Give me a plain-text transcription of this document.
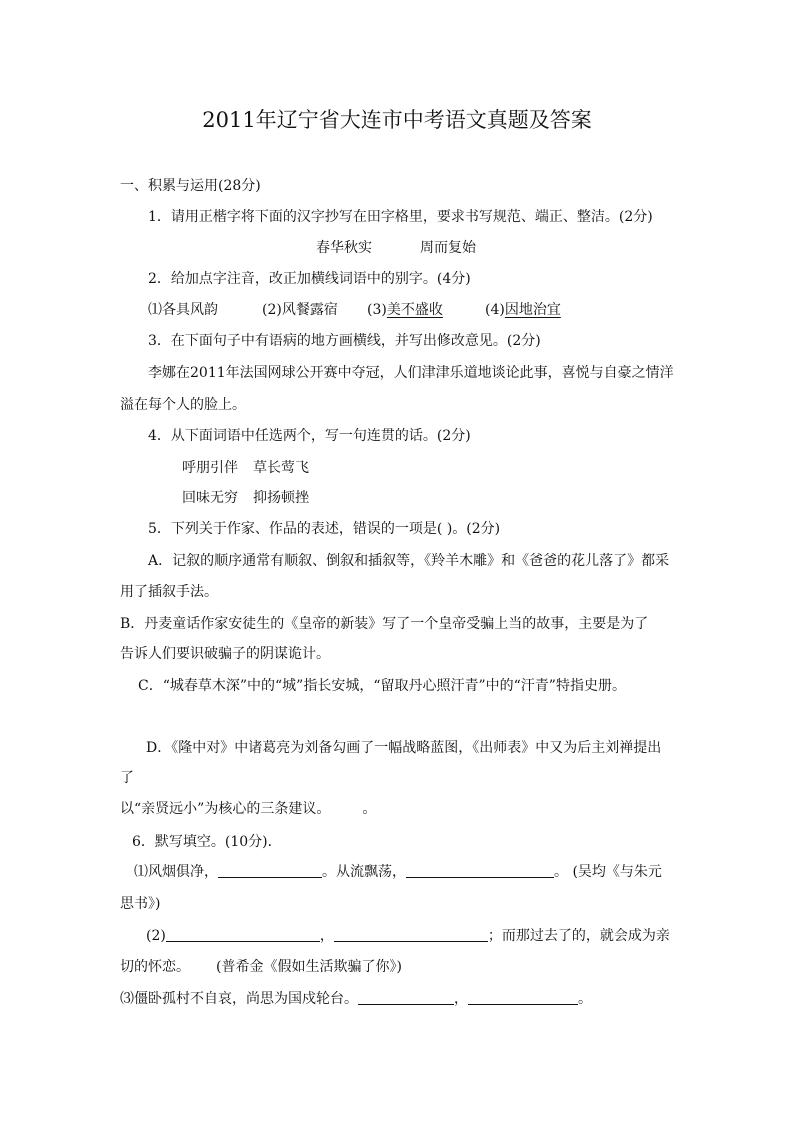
2011年辽宁省大连市中考语文真题及答案
一、积累与运用(28分)
1．请用正楷字将下面的汉字抄写在田字格里，要求书写规范、端正、整洁。(2分)
春华秋实	周而复始
2．给加点字注音，改正加横线词语中的别字。(4分)
⑴各具风韵	(2)风餐露宿 (3)美不盛收	(4)因地治宜
3．在下面句子中有语病的地方画横线，并写出修改意见。(2分)
李娜在2011年法国网球公开赛中夺冠，人们津津乐道地谈论此事，喜悦与自豪之情洋
溢在每个人的脸上。
4．从下面词语中任选两个，写一句连贯的话。(2分)
呼朋引伴 草长莺飞
回味无穷 抑扬顿挫
5．下列关于作家、作品的表述，错误的一项是( )。(2分)
A．记叙的顺序通常有顺叙、倒叙和插叙等，《羚羊木雕》和《爸爸的花儿落了》都采
用了插叙手法。
B．丹麦童话作家安徒生的《皇帝的新装》写了一个皇帝受骗上当的故事，主要是为了
告诉人们要识破骗子的阴谋诡计。
C．“城春草木深”中的“城”指长安城，“留取丹心照汗青”中的“汗青”特指史册。
D．《隆中对》中诸葛亮为刘备勾画了一幅战略蓝图，《出师表》中又为后主刘禅提出
了
以“亲贤远小”为核心的三条建议。 。
6．默写填空。(10分)．
⑴风烟俱净，	。从流飘荡，	。 (吴均《与朱元
思书》)
(2)	，	；而那过去了的，就会成为亲
切的怀恋。 (普希金《假如生活欺骗了你》)
⑶僵卧孤村不自哀，尚思为国戍轮台。	，	。
